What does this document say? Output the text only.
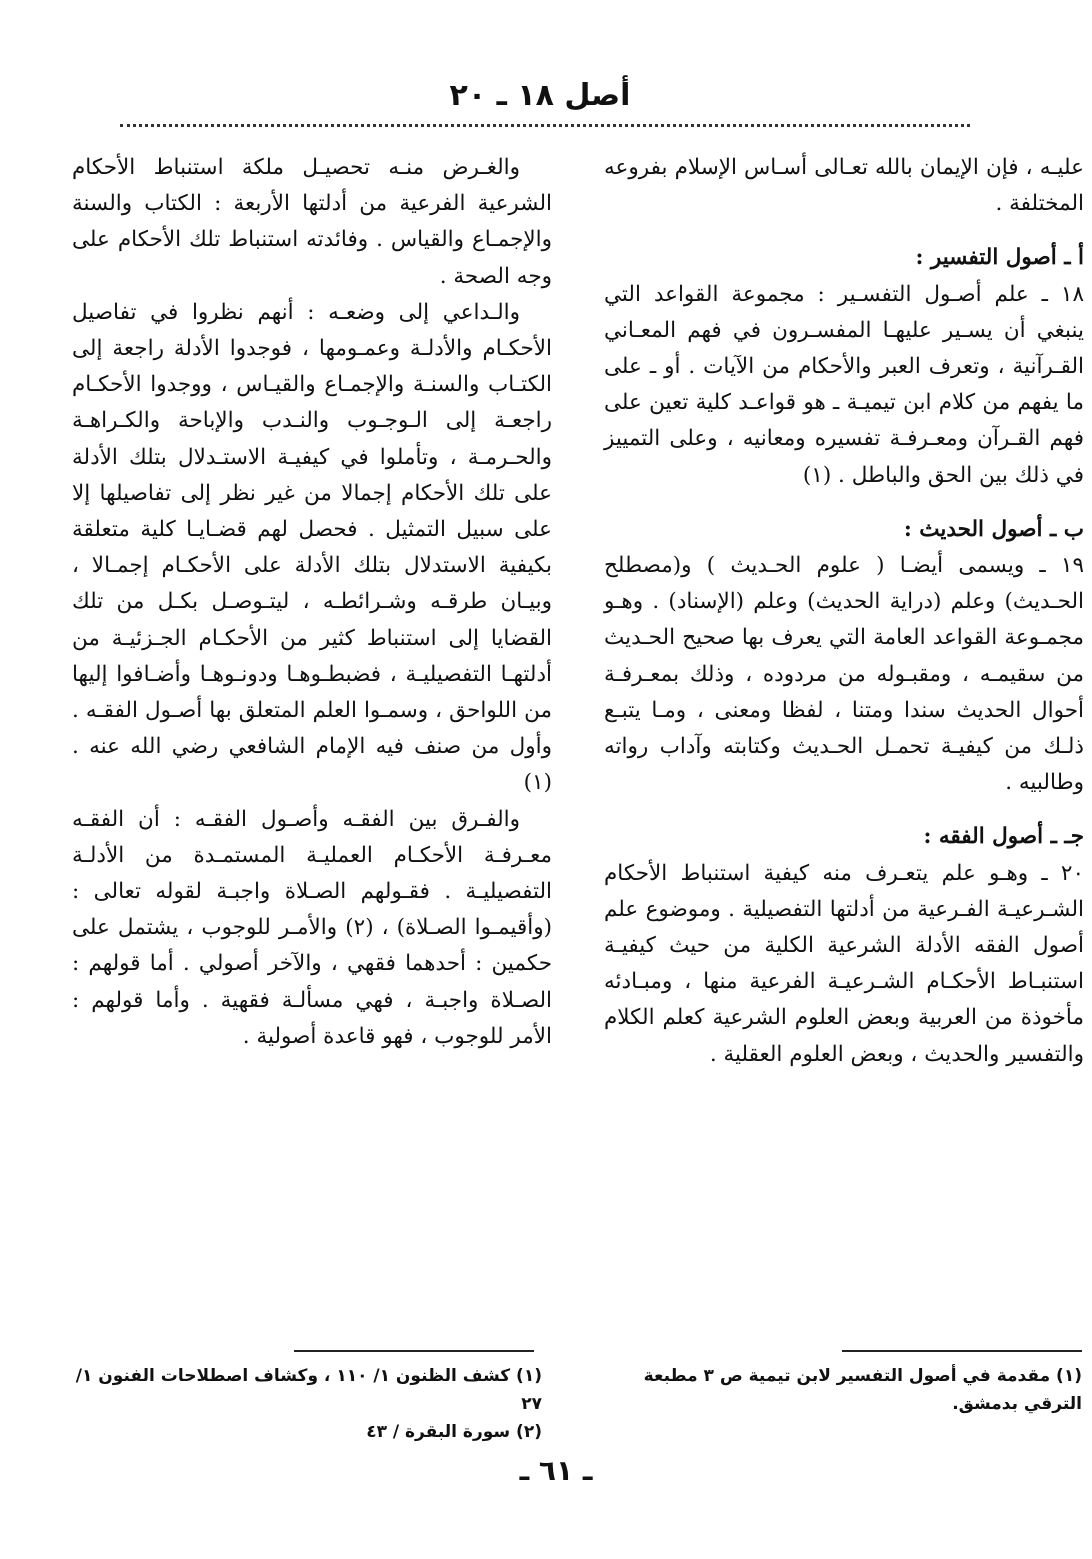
أصل ١٨ ـ ٢٠

عليـه ، فإن الإيمان بالله تعـالى أسـاس الإسلام بفروعه المختلفة .

أ ـ أصول التفسير :

١٨ ـ علم أصـول التفسـير : مجموعة القواعد التي ينبغي أن يسـير عليهـا المفسـرون في فهم المعـاني القـرآنية ، وتعرف العبر والأحكام من الآيات . أو ـ على ما يفهم من كلام ابن تيميـة ـ هو قواعـد كلية تعين على فهم القـرآن ومعـرفـة تفسيره ومعانيه ، وعلى التمييز في ذلك بين الحق والباطل . (١)

ب ـ أصول الحديث :

١٩ ـ ويسمى أيضـا ( علوم الحـديث ) و(مصطلح الحـديث) وعلم (دراية الحديث) وعلم (الإسناد) . وهـو مجمـوعة القواعد العامة التي يعرف بها صحيح الحـديث من سقيمـه ، ومقبـوله من مردوده ، وذلك بمعـرفـة أحوال الحديث سندا ومتنا ، لفظا ومعنى ، ومـا يتبـع ذلـك من كيفيـة تحمـل الحـديث وكتابته وآداب رواته وطالبيه .

جـ ـ أصول الفقه :

٢٠ ـ وهـو علم يتعـرف منه كيفية استنباط الأحكام الشـرعيـة الفـرعية من أدلتها التفصيلية . وموضوع علم أصول الفقه الأدلة الشرعية الكلية من حيث كيفيـة استنبـاط الأحكـام الشـرعيـة الفرعية منها ، ومبـادئه مأخوذة من العربية وبعض العلوم الشرعية كعلم الكلام والتفسير والحديث ، وبعض العلوم العقلية .

والغـرض منـه تحصيـل ملكة استنباط الأحكام الشرعية الفرعية من أدلتها الأربعة : الكتاب والسنة والإجمـاع والقياس . وفائدته استنباط تلك الأحكام على وجه الصحة .

والـداعي إلى وضعـه : أنهم نظروا في تفاصيل الأحكـام والأدلـة وعمـومها ، فوجدوا الأدلة راجعة إلى الكتـاب والسنـة والإجمـاع والقيـاس ، ووجدوا الأحكـام راجعـة إلى الـوجـوب والنـدب والإباحة والكـراهـة والحـرمـة ، وتأملوا في كيفيـة الاستـدلال بتلك الأدلة على تلك الأحكام إجمالا من غير نظر إلى تفاصيلها إلا على سبيل التمثيل . فحصل لهم قضـايـا كلية متعلقة بكيفية الاستدلال بتلك الأدلة على الأحكـام إجمـالا ، وبيـان طرقـه وشـرائطـه ، ليتـوصـل بكـل من تلك القضايا إلى استنباط كثير من الأحكـام الجـزئيـة من أدلتهـا التفصيليـة ، فضبطـوهـا ودونـوهـا وأضـافوا إليها من اللواحق ، وسمـوا العلم المتعلق بها أصـول الفقـه . وأول من صنف فيه الإمام الشافعي رضي الله عنه . (١)

والفـرق بين الفقـه وأصـول الفقـه : أن الفقـه معـرفـة الأحكـام العمليـة المستمـدة من الأدلـة التفصيليـة . فقـولهم الصـلاة واجبـة لقوله تعالى : (وأقيمـوا الصـلاة) ، (٢) والأمـر للوجوب ، يشتمل على حكمين : أحدهما فقهي ، والآخر أصولي . أما قولهم : الصـلاة واجبـة ، فهي مسألـة فقهية . وأما قولهم : الأمر للوجوب ، فهو قاعدة أصولية .

(١) مقدمة في أصول التفسير لابن تيمية ص ٣ مطبعة الترقي بدمشق.

(١) كشف الظنون ١/ ١١٠ ، وكشاف اصطلاحات الفنون ١/ ٢٧

(٢) سورة البقرة / ٤٣

ـ ٦١ ـ
